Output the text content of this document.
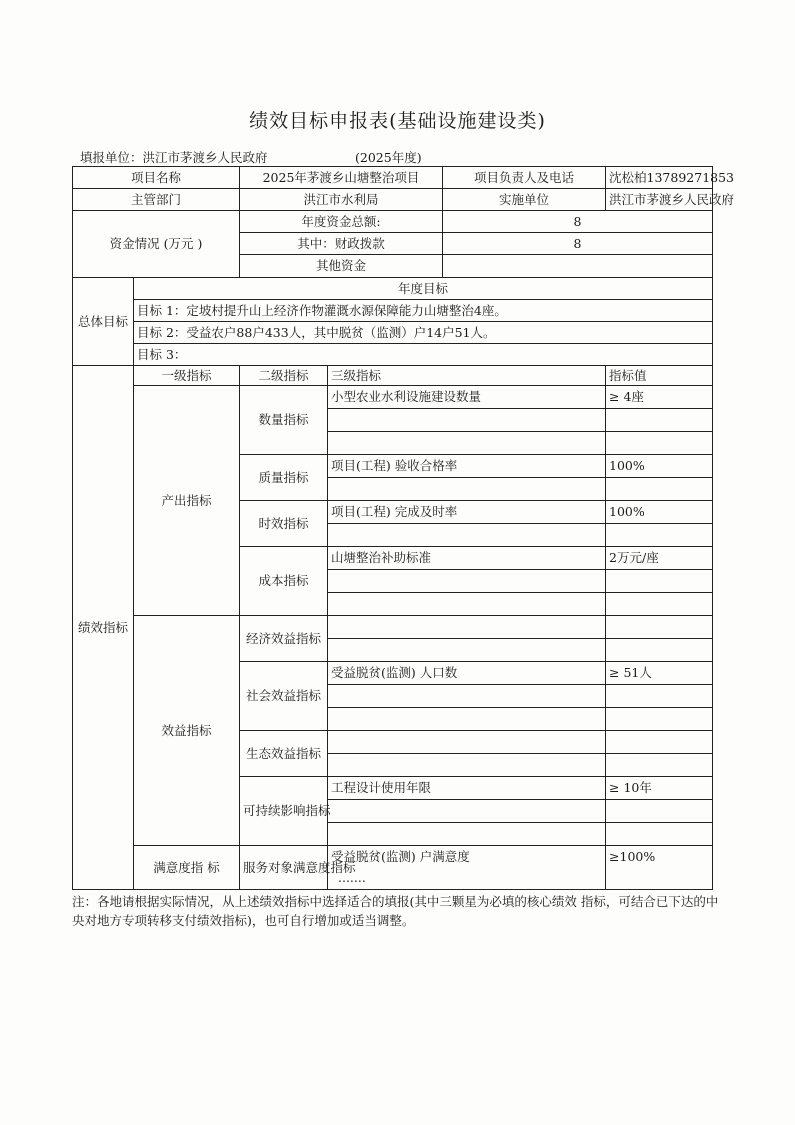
绩效目标申报表(基础设施建设类)
填报单位：洪江市茅渡乡人民政府	(2025年度)
项目名称		2025年茅渡乡山塘整治项目		项目负责人及电话	沈松柏13789271853
主管部门		洪江市水利局		实施单位	洪江市茅渡乡人民政府
资金情况 (万元 )		年度资金总额:		8	
		其中：财政拨款		8	
		其他资金			
总体目标	年度目标				
	目标 1：定坡村提升山上经济作物灌溉水源保障能力山塘整治4座。				
	目标 2：受益农户88户433人，其中脱贫（监测）户14户51人。				
	目标 3：				
绩效指标	一级指标	二级指标	三级指标		指标值
	产出指标	数量指标	小型农业水利设施建设数量		≥ 4座

		质量指标	项目(工程) 验收合格率		100%

		时效指标	项目(工程) 完成及时率		100%

		成本指标	山塘整治补助标准		2万元/座

	效益指标	经济效益指标			

		社会效益指标	受益脱贫(监测) 人口数		≥ 51人

		生态效益指标			

		可持续影响指标	工程设计使用年限		≥ 10年

	满意度指 标	服务对象满意度指标	受益脱贫(监测) 户满意度		≥100%
			.......		
注：各地请根据实际情况，从上述绩效指标中选择适合的填报(其中三颗星为必填的核心绩效 指标，可结合已下达的中央对地方专项转移支付绩效指标)，也可自行增加或适当调整。
